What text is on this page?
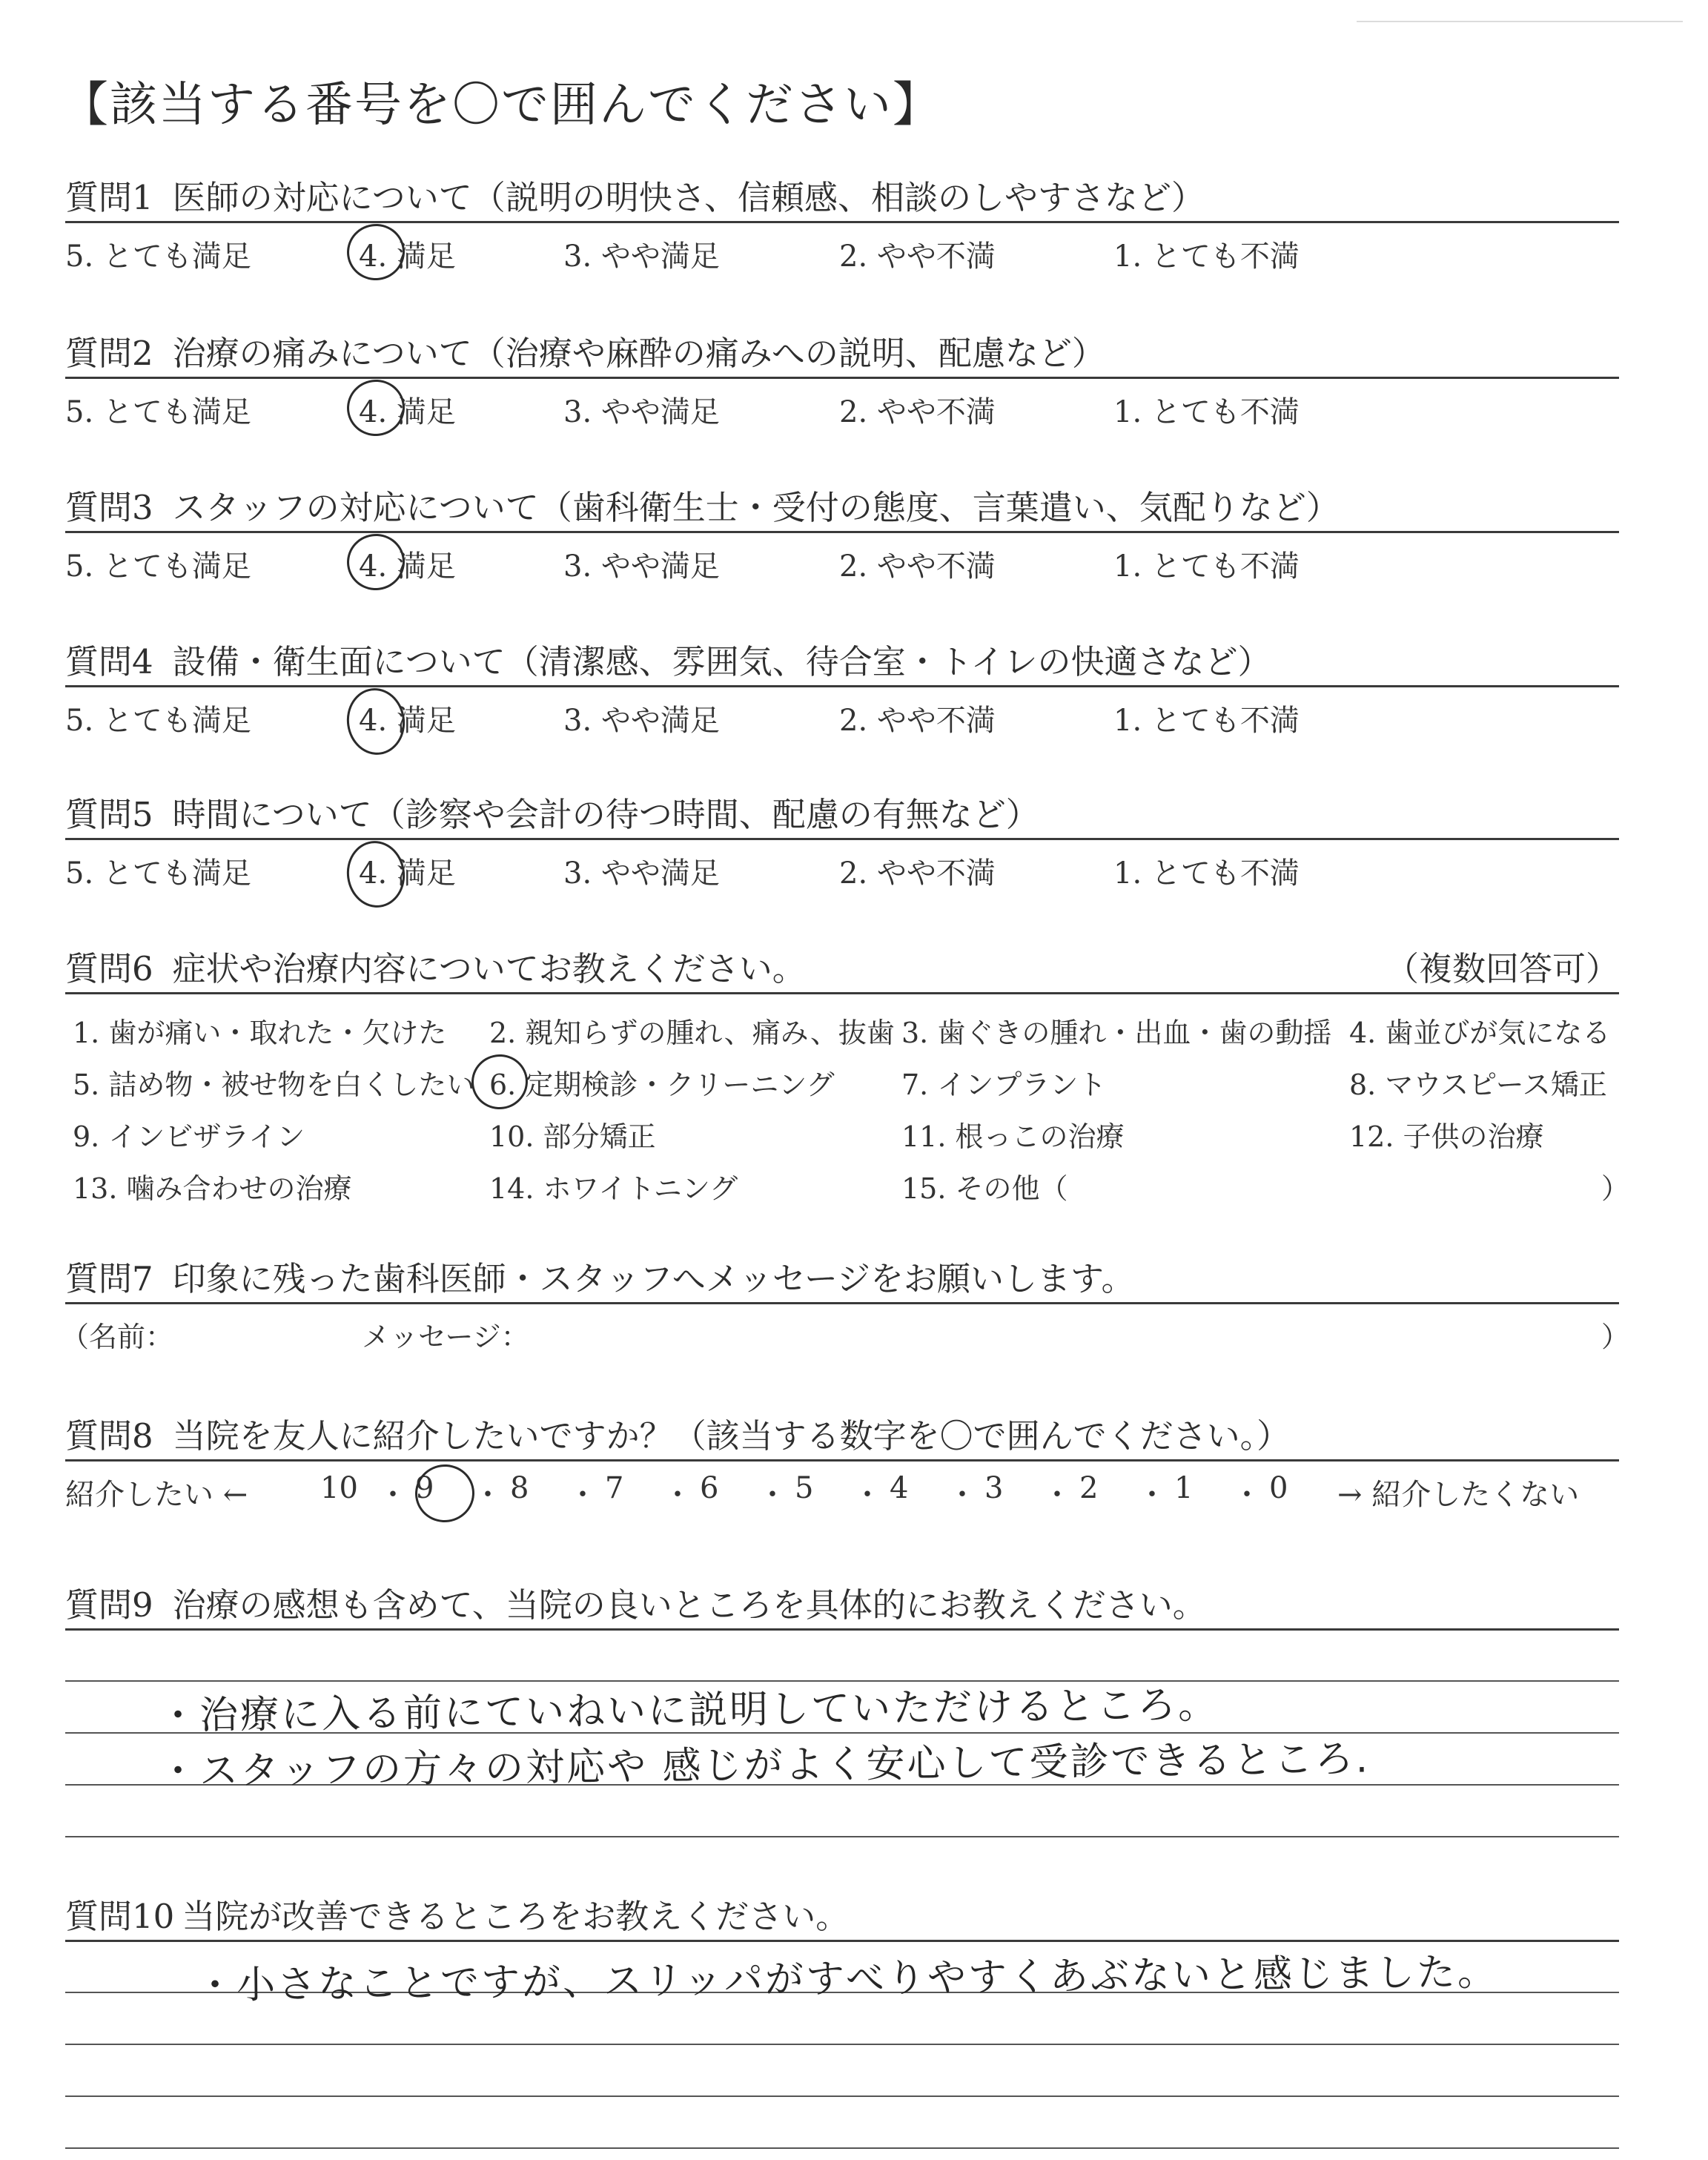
【該当する番号を〇で囲んでください】
質問1 医師の対応について（説明の明快さ、信頼感、相談のしやすさなど）
5. とても満足	4. 満足	3. やや満足	2. やや不満	1. とても不満
質問2 治療の痛みについて（治療や麻酔の痛みへの説明、配慮など）
5. とても満足	4. 満足	3. やや満足	2. やや不満	1. とても不満
質問3 スタッフの対応について（歯科衛生士・受付の態度、言葉遣い、気配りなど）
5. とても満足	4. 満足	3. やや満足	2. やや不満	1. とても不満
質問4 設備・衛生面について（清潔感、雰囲気、待合室・トイレの快適さなど）
5. とても満足	4. 満足	3. やや満足	2. やや不満	1. とても不満
質問5 時間について（診察や会計の待つ時間、配慮の有無など）
5. とても満足	4. 満足	3. やや満足	2. やや不満	1. とても不満
質問6 症状や治療内容についてお教えください。	（複数回答可）
1. 歯が痛い・取れた・欠けた 2. 親知らずの腫れ、痛み、抜歯 3. 歯ぐきの腫れ・出血・歯の動揺 4. 歯並びが気になる
5. 詰め物・被せ物を白くしたい 6. 定期検診・クリーニング 7. インプラント	8. マウスピース矯正
9. インビザライン	10. 部分矯正	11. 根っこの治療	12. 子供の治療
13. 噛み合わせの治療	14. ホワイトニング	15. その他（	）
質問7 印象に残った歯科医師・スタッフへメッセージをお願いします。
（名前：	メッセージ：	）
質問8 当院を友人に紹介したいですか？（該当する数字を〇で囲んでください。）
紹介したい ← 10 ・ 9 ・ 8 ・ 7 ・ 6 ・ 5 ・ 4 ・ 3 ・ 2 ・ 1 ・ 0 → 紹介したくない
質問9 治療の感想も含めて、当院の良いところを具体的にお教えください。
・治療に入る前にていねいに説明していただけるところ。
・スタッフの方々の対応や 感じがよく安心して受診できるところ.
質問10 当院が改善できるところをお教えください。
・小さなことですが、スリッパがすべりやすくあぶないと感じました。
